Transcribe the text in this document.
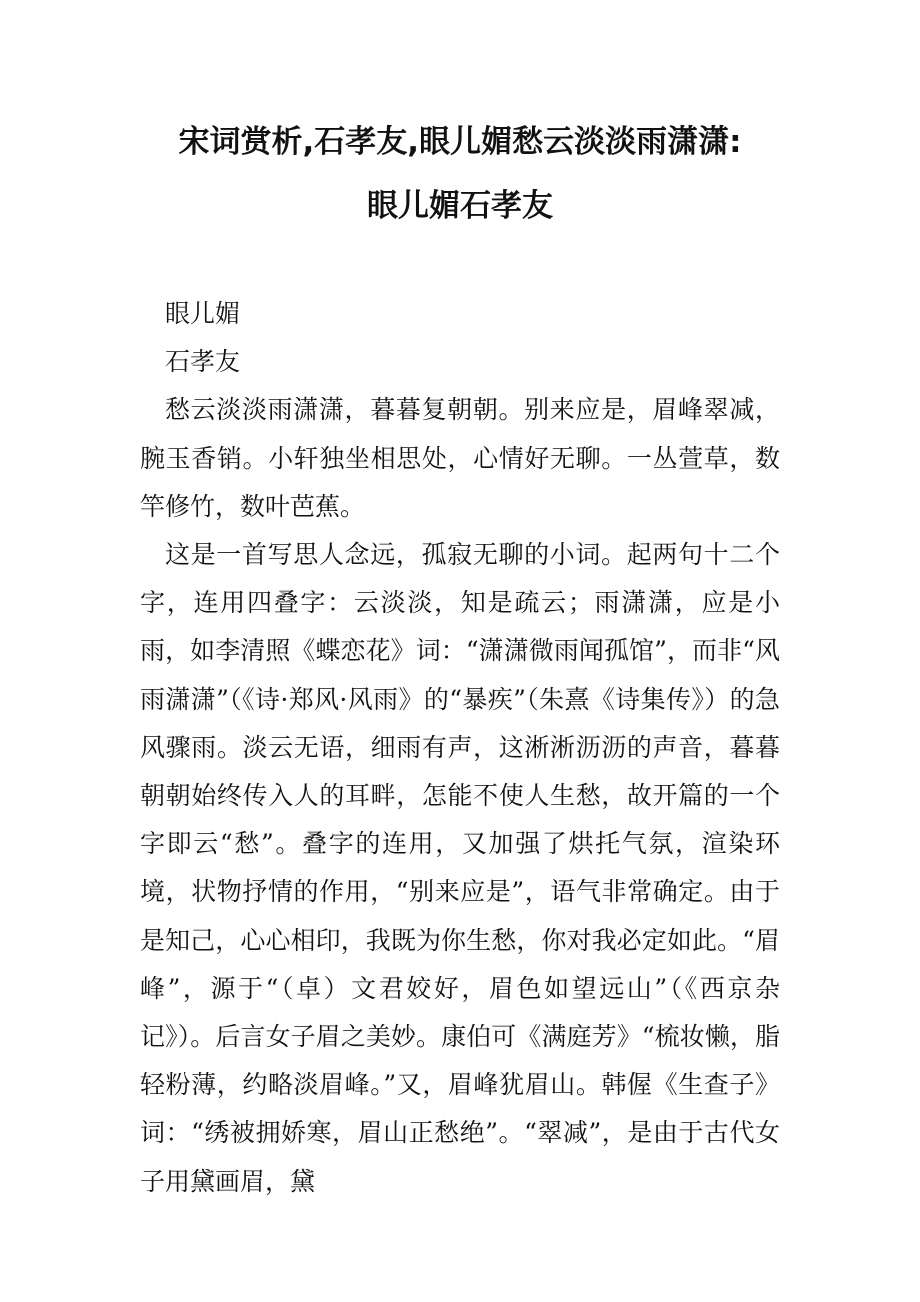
宋词赏析,石孝友,眼儿媚愁云淡淡雨潇潇:
眼儿媚石孝友

眼儿媚

石孝友

愁云淡淡雨潇潇，暮暮复朝朝。别来应是，眉峰翠减，腕玉香销。小轩独坐相思处，心情好无聊。一丛萱草，数竿修竹，数叶芭蕉。

这是一首写思人念远，孤寂无聊的小词。起两句十二个字，连用四叠字：云淡淡，知是疏云；雨潇潇，应是小雨，如李清照《蝶恋花》词：“潇潇微雨闻孤馆”，而非“风雨潇潇”（《诗·郑风·风雨》的“暴疾”（朱熹《诗集传》）的急风骤雨。淡云无语，细雨有声，这淅淅沥沥的声音，暮暮朝朝始终传入人的耳畔，怎能不使人生愁，故开篇的一个字即云“愁”。叠字的连用，又加强了烘托气氛，渲染环境，状物抒情的作用，“别来应是”，语气非常确定。由于是知己，心心相印，我既为你生愁，你对我必定如此。“眉峰”，源于“（卓）文君姣好，眉色如望远山”（《西京杂记》）。后言女子眉之美妙。康伯可《满庭芳》“梳妆懒，脂轻粉薄，约略淡眉峰。”又，眉峰犹眉山。韩偓《生查子》词：“绣被拥娇寒，眉山正愁绝”。“翠减”，是由于古代女子用黛画眉，黛
